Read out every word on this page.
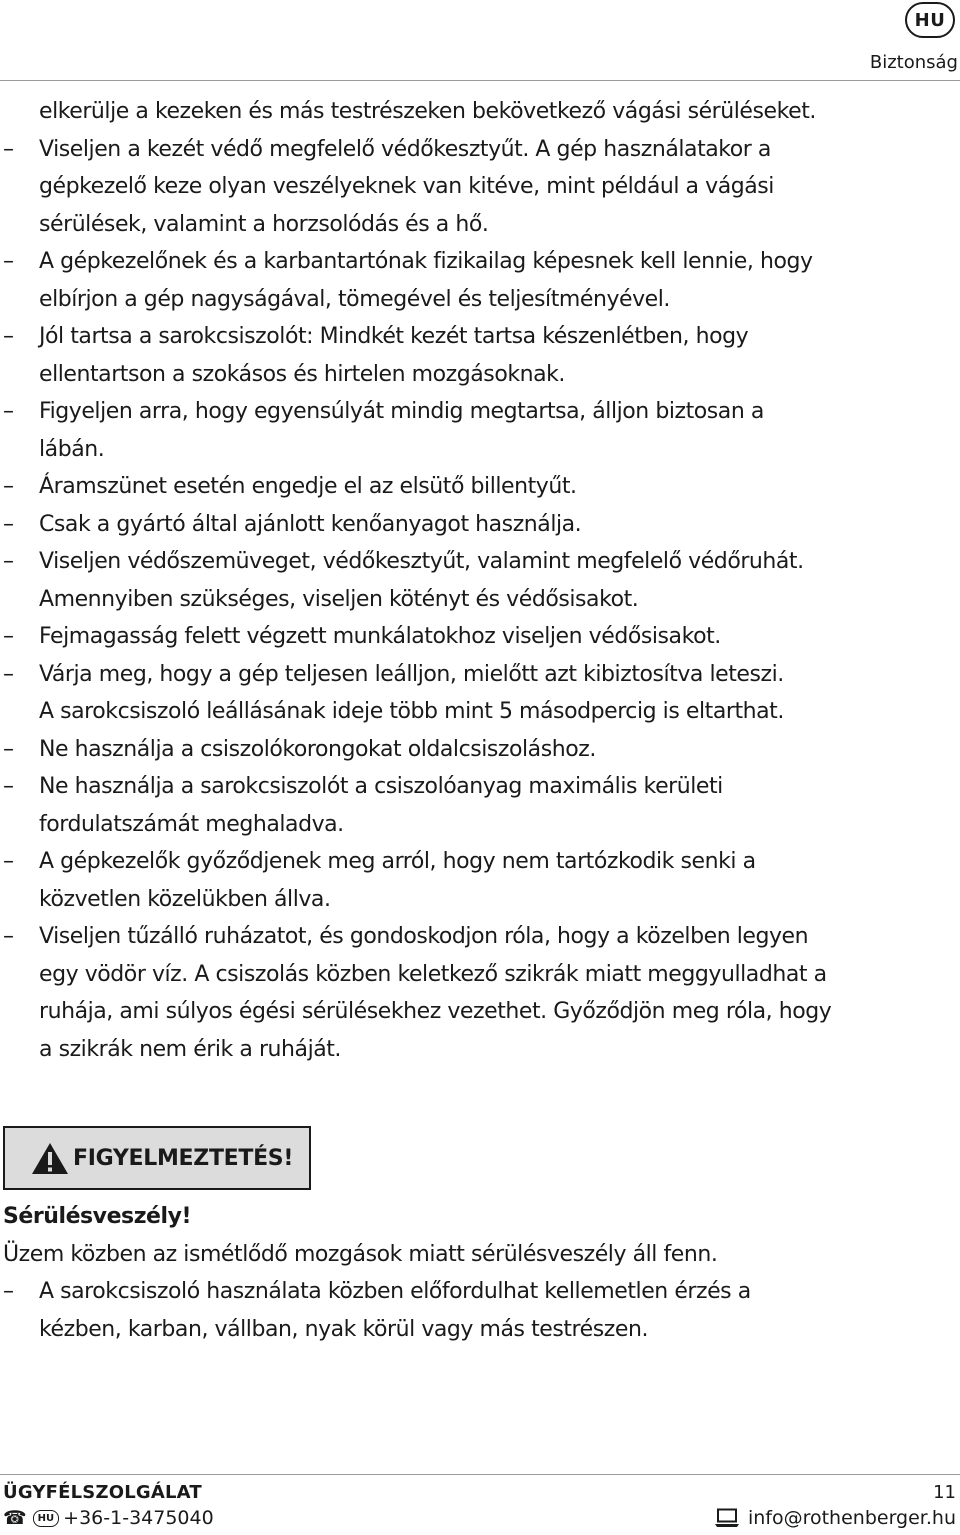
HU
Biztonság
elkerülje a kezeken és más testrészeken bekövetkező vágási sérüléseket.
– Viseljen a kezét védő megfelelő védőkesztyűt. A gép használatakor a
gépkezelő keze olyan veszélyeknek van kitéve, mint például a vágási
sérülések, valamint a horzsolódás és a hő.
– A gépkezelőnek és a karbantartónak fizikailag képesnek kell lennie, hogy
elbírjon a gép nagyságával, tömegével és teljesítményével.
– Jól tartsa a sarokcsiszolót: Mindkét kezét tartsa készenlétben, hogy
ellentartson a szokásos és hirtelen mozgásoknak.
– Figyeljen arra, hogy egyensúlyát mindig megtartsa, álljon biztosan a
lábán.
– Áramszünet esetén engedje el az elsütő billentyűt.
– Csak a gyártó által ajánlott kenőanyagot használja.
– Viseljen védőszemüveget, védőkesztyűt, valamint megfelelő védőruhát.
Amennyiben szükséges, viseljen kötényt és védősisakot.
– Fejmagasság felett végzett munkálatokhoz viseljen védősisakot.
– Várja meg, hogy a gép teljesen leálljon, mielőtt azt kibiztosítva leteszi.
A sarokcsiszoló leállásának ideje több mint 5 másodpercig is eltarthat.
– Ne használja a csiszolókorongokat oldalcsiszoláshoz.
– Ne használja a sarokcsiszolót a csiszolóanyag maximális kerületi
fordulatszámát meghaladva.
– A gépkezelők győződjenek meg arról, hogy nem tartózkodik senki a
közvetlen közelükben állva.
– Viseljen tűzálló ruházatot, és gondoskodjon róla, hogy a közelben legyen
egy vödör víz. A csiszolás közben keletkező szikrák miatt meggyulladhat a
ruhája, ami súlyos égési sérülésekhez vezethet. Győződjön meg róla, hogy
a szikrák nem érik a ruháját.
FIGYELMEZTETÉS!
Sérülésveszély!
Üzem közben az ismétlődő mozgások miatt sérülésveszély áll fenn.
– A sarokcsiszoló használata közben előfordulhat kellemetlen érzés a
kézben, karban, vállban, nyak körül vagy más testrészen.
ÜGYFÉLSZOLGÁLAT	11
☎	HU +36-1-3475040	info@rothenberger.hu
